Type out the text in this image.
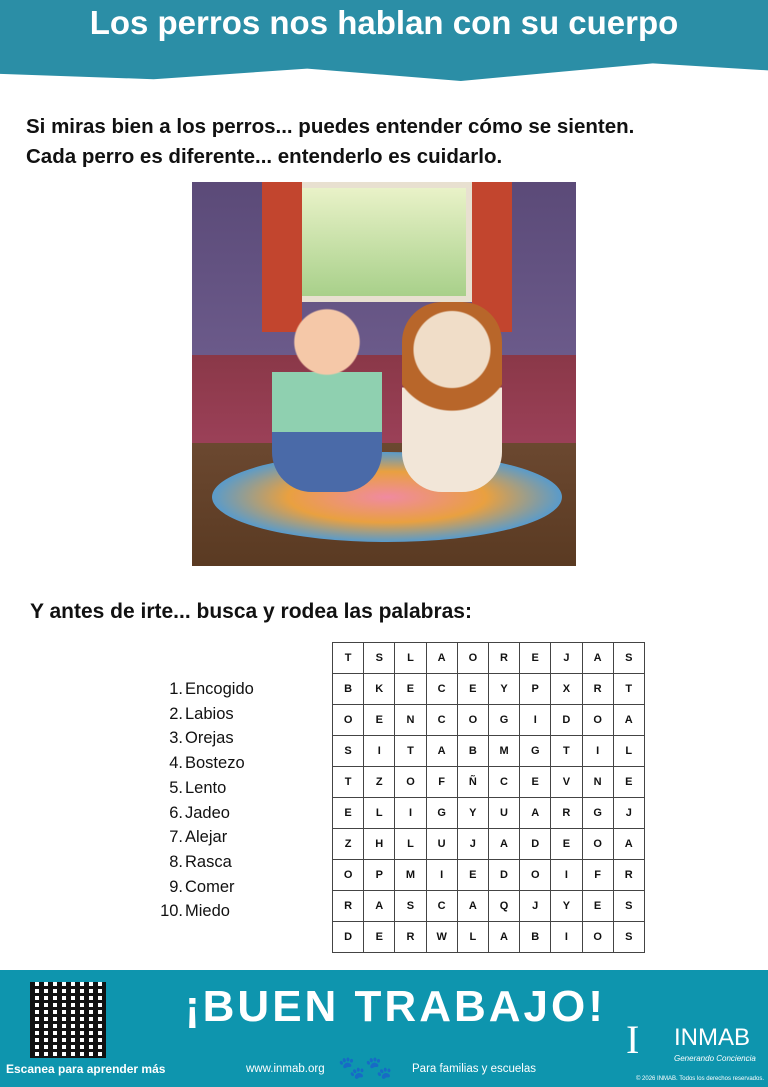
Los perros nos hablan con su cuerpo
Si miras bien a los perros... puedes entender cómo se sienten.
Cada perro es diferente... entenderlo es cuidarlo.
Y antes de irte... busca y rodea las palabras:
1. Encogido
2. Labios
3. Orejas
4. Bostezo
5. Lento
6. Jadeo
7. Alejar
8. Rasca
9. Comer
10. Miedo
T	S	L	A	O	R	E	J	A	S
B	K	E	C	E	Y	P	X	R	T
O	E	N	C	O	G	I	D	O	A
S	I	T	A	B	M	G	T	I	L
T	Z	O	F	Ñ	C	E	V	N	E
E	L	I	G	Y	U	A	R	G	J
Z	H	L	U	J	A	D	E	O	A
O	P	M	I	E	D	O	I	F	R
R	A	S	C	A	Q	J	Y	E	S
D	E	R	W	L	A	B	I	O	S
Escanea para aprender más
¡BUEN TRABAJO!
www.inmab.org 🐾🐾 Para familias y escuelas
I INMAB
Generando Conciencia
© 2026 INMAB. Todos los derechos reservados.
